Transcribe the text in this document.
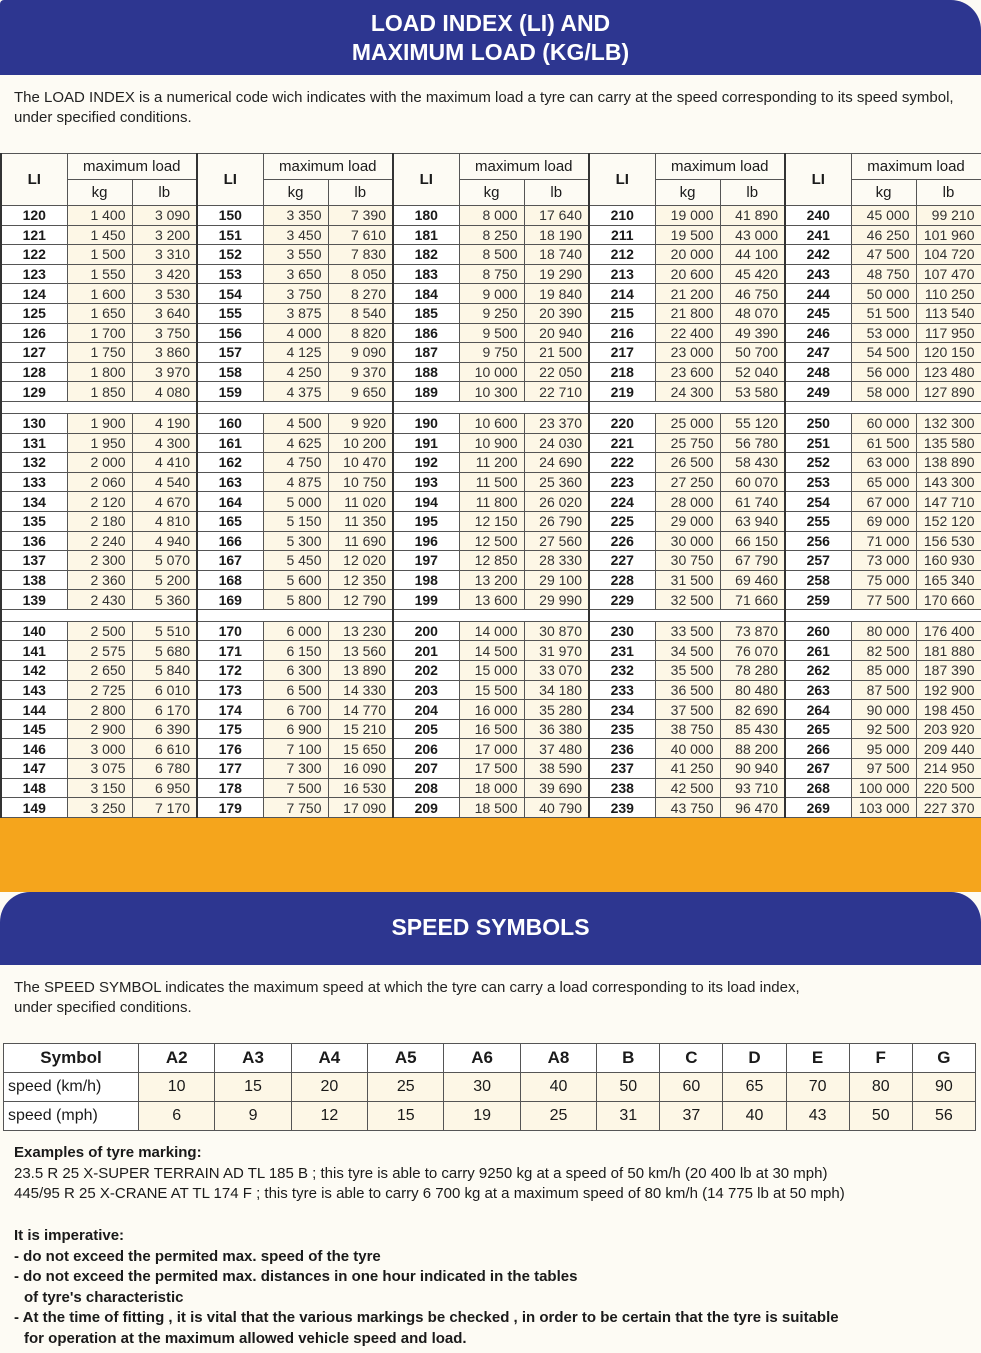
LOAD INDEX (LI) AND
MAXIMUM LOAD (KG/LB)
The LOAD INDEX is a numerical code wich indicates with the maximum load a tyre can carry at the speed corresponding to its speed symbol, under specified conditions.
LI	maximum load		LI	maximum load		LI	maximum load		LI	maximum load		LI	maximum load	
	kg	lb		kg	lb		kg	lb		kg	lb		kg	lb
120	1 400	3 090	150	3 350	7 390	180	8 000	17 640	210	19 000	41 890	240	45 000	99 210
121	1 450	3 200	151	3 450	7 610	181	8 250	18 190	211	19 500	43 000	241	46 250	101 960
122	1 500	3 310	152	3 550	7 830	182	8 500	18 740	212	20 000	44 100	242	47 500	104 720
123	1 550	3 420	153	3 650	8 050	183	8 750	19 290	213	20 600	45 420	243	48 750	107 470
124	1 600	3 530	154	3 750	8 270	184	9 000	19 840	214	21 200	46 750	244	50 000	110 250
125	1 650	3 640	155	3 875	8 540	185	9 250	20 390	215	21 800	48 070	245	51 500	113 540
126	1 700	3 750	156	4 000	8 820	186	9 500	20 940	216	22 400	49 390	246	53 000	117 950
127	1 750	3 860	157	4 125	9 090	187	9 750	21 500	217	23 000	50 700	247	54 500	120 150
128	1 800	3 970	158	4 250	9 370	188	10 000	22 050	218	23 600	52 040	248	56 000	123 480
129	1 850	4 080	159	4 375	9 650	189	10 300	22 710	219	24 300	53 580	249	58 000	127 890

130	1 900	4 190	160	4 500	9 920	190	10 600	23 370	220	25 000	55 120	250	60 000	132 300
131	1 950	4 300	161	4 625	10 200	191	10 900	24 030	221	25 750	56 780	251	61 500	135 580
132	2 000	4 410	162	4 750	10 470	192	11 200	24 690	222	26 500	58 430	252	63 000	138 890
133	2 060	4 540	163	4 875	10 750	193	11 500	25 360	223	27 250	60 070	253	65 000	143 300
134	2 120	4 670	164	5 000	11 020	194	11 800	26 020	224	28 000	61 740	254	67 000	147 710
135	2 180	4 810	165	5 150	11 350	195	12 150	26 790	225	29 000	63 940	255	69 000	152 120
136	2 240	4 940	166	5 300	11 690	196	12 500	27 560	226	30 000	66 150	256	71 000	156 530
137	2 300	5 070	167	5 450	12 020	197	12 850	28 330	227	30 750	67 790	257	73 000	160 930
138	2 360	5 200	168	5 600	12 350	198	13 200	29 100	228	31 500	69 460	258	75 000	165 340
139	2 430	5 360	169	5 800	12 790	199	13 600	29 990	229	32 500	71 660	259	77 500	170 660

140	2 500	5 510	170	6 000	13 230	200	14 000	30 870	230	33 500	73 870	260	80 000	176 400
141	2 575	5 680	171	6 150	13 560	201	14 500	31 970	231	34 500	76 070	261	82 500	181 880
142	2 650	5 840	172	6 300	13 890	202	15 000	33 070	232	35 500	78 280	262	85 000	187 390
143	2 725	6 010	173	6 500	14 330	203	15 500	34 180	233	36 500	80 480	263	87 500	192 900
144	2 800	6 170	174	6 700	14 770	204	16 000	35 280	234	37 500	82 690	264	90 000	198 450
145	2 900	6 390	175	6 900	15 210	205	16 500	36 380	235	38 750	85 430	265	92 500	203 920
146	3 000	6 610	176	7 100	15 650	206	17 000	37 480	236	40 000	88 200	266	95 000	209 440
147	3 075	6 780	177	7 300	16 090	207	17 500	38 590	237	41 250	90 940	267	97 500	214 950
148	3 150	6 950	178	7 500	16 530	208	18 000	39 690	238	42 500	93 710	268	100 000	220 500
149	3 250	7 170	179	7 750	17 090	209	18 500	40 790	239	43 750	96 470	269	103 000	227 370
SPEED SYMBOLS
The SPEED SYMBOL indicates the maximum speed at which the tyre can carry a load corresponding to its load index,
under specified conditions.
Symbol	A2	A3	A4	A5	A6	A8	B	C	D	E	F	G
speed (km/h)	10	15	20	25	30	40	50	60	65	70	80	90
speed (mph)	6	9	12	15	19	25	31	37	40	43	50	56
Examples of tyre marking:
23.5 R 25 X-SUPER TERRAIN AD TL 185 B ; this tyre is able to carry 9250 kg at a speed of 50 km/h (20 400 lb at 30 mph)
445/95 R 25 X-CRANE AT TL 174 F ; this tyre is able to carry 6 700 kg at a maximum speed of 80 km/h (14 775 lb at 50 mph)
It is imperative:
- do not exceed the permited max. speed of the tyre
- do not exceed the permited max. distances in one hour indicated in the tables
of tyre's characteristic
- At the time of fitting , it is vital that the various markings be checked , in order to be certain that the tyre is suitable
for operation at the maximum allowed vehicle speed and load.
